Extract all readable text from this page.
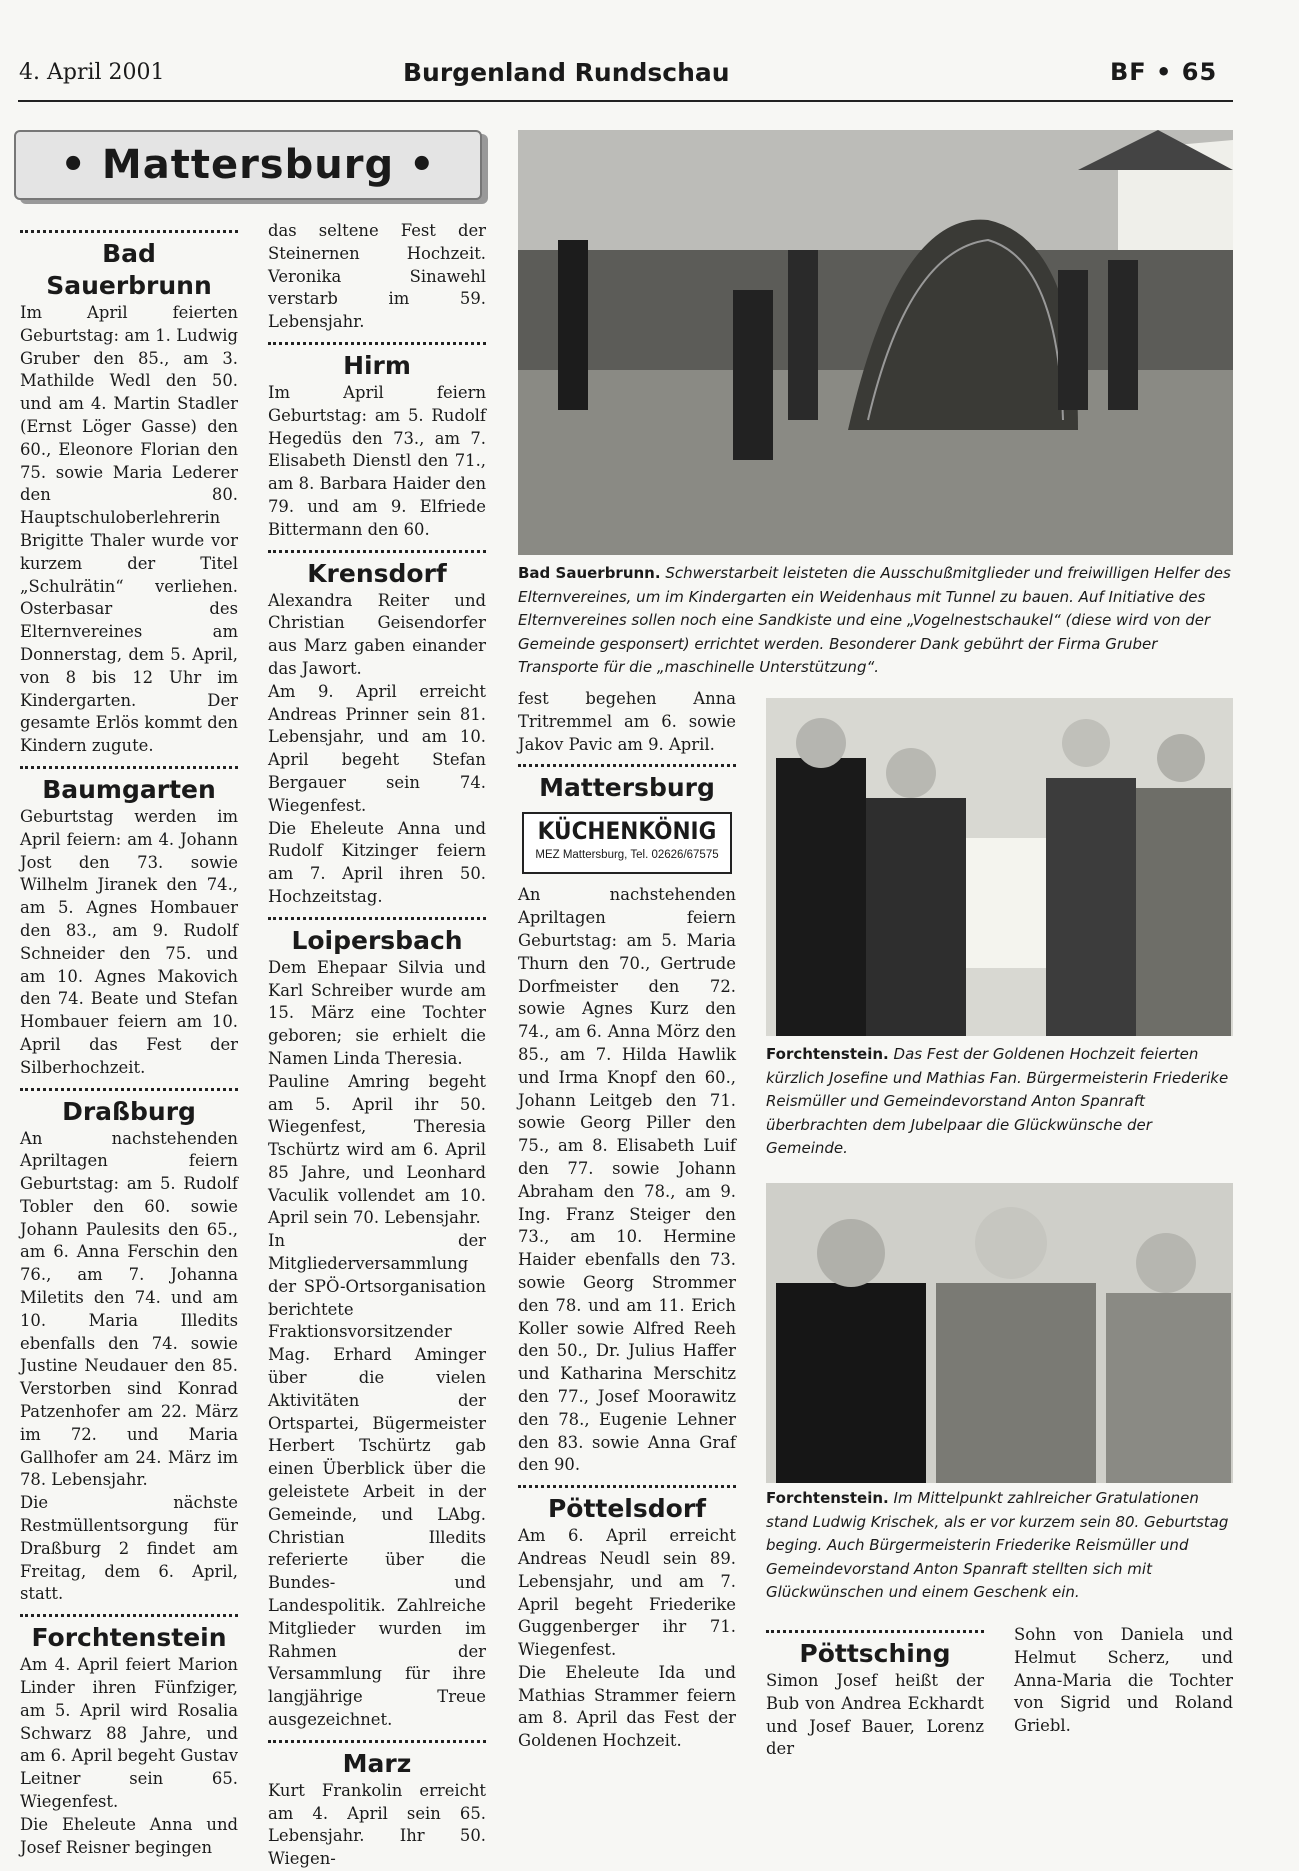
4. April 2001	Burgenland Rundschau	BF • 65
• Mattersburg •
Bad Sauerbrunn

Im April feierten Geburtstag: am 1. Ludwig Gruber den 85., am 3. Mathilde Wedl den 50. und am 4. Martin Stadler (Ernst Löger Gasse) den 60., Eleonore Florian den 75. sowie Maria Lederer den 80. Hauptschuloberlehrerin Brigitte Thaler wurde vor kurzem der Titel „Schulrätin“ verliehen. Osterbasar des Elternvereines am Donnerstag, dem 5. April, von 8 bis 12 Uhr im Kindergarten. Der gesamte Erlös kommt den Kindern zugute.

Baumgarten

Geburtstag werden im April feiern: am 4. Johann Jost den 73. sowie Wilhelm Jiranek den 74., am 5. Agnes Hombauer den 83., am 9. Rudolf Schneider den 75. und am 10. Agnes Makovich den 74. Beate und Stefan Hombauer feiern am 10. April das Fest der Silberhochzeit.

Draßburg

An nachstehenden Apriltagen feiern Geburtstag: am 5. Rudolf Tobler den 60. sowie Johann Paulesits den 65., am 6. Anna Ferschin den 76., am 7. Johanna Miletits den 74. und am 10. Maria Illedits ebenfalls den 74. sowie Justine Neudauer den 85. Verstorben sind Konrad Patzenhofer am 22. März im 72. und Maria Gallhofer am 24. März im 78. Lebensjahr.

Die nächste Restmüllentsorgung für Draßburg 2 findet am Freitag, dem 6. April, statt.

Forchtenstein

Am 4. April feiert Marion Linder ihren Fünfziger, am 5. April wird Rosalia Schwarz 88 Jahre, und am 6. April begeht Gustav Leitner sein 65. Wiegenfest.

Die Eheleute Anna und Josef Reisner begingen

das seltene Fest der Steinernen Hochzeit. Veronika Sinawehl verstarb im 59. Lebensjahr.

Hirm

Im April feiern Geburtstag: am 5. Rudolf Hegedüs den 73., am 7. Elisabeth Dienstl den 71., am 8. Barbara Haider den 79. und am 9. Elfriede Bittermann den 60.

Krensdorf

Alexandra Reiter und Christian Geisendorfer aus Marz gaben einander das Jawort.

Am 9. April erreicht Andreas Prinner sein 81. Lebensjahr, und am 10. April begeht Stefan Bergauer sein 74. Wiegenfest.

Die Eheleute Anna und Rudolf Kitzinger feiern am 7. April ihren 50. Hochzeitstag.

Loipersbach

Dem Ehepaar Silvia und Karl Schreiber wurde am 15. März eine Tochter geboren; sie erhielt die Namen Linda Theresia.

Pauline Amring begeht am 5. April ihr 50. Wiegenfest, Theresia Tschürtz wird am 6. April 85 Jahre, und Leonhard Vaculik vollendet am 10. April sein 70. Lebensjahr.

In der Mitgliederversammlung der SPÖ-Ortsorganisation berichtete Fraktionsvorsitzender Mag. Erhard Aminger über die vielen Aktivitäten der Ortspartei, Bügermeister Herbert Tschürtz gab einen Überblick über die geleistete Arbeit in der Gemeinde, und LAbg. Christian Illedits referierte über die Bundes- und Landespolitik. Zahlreiche Mitglieder wurden im Rahmen der Versammlung für ihre langjährige Treue ausgezeichnet.

Marz

Kurt Frankolin erreicht am 4. April sein 65. Lebensjahr. Ihr 50. Wiegen-

Bad Sauerbrunn. Schwerstarbeit leisteten die Ausschußmitglieder und freiwilligen Helfer des Elternvereines, um im Kindergarten ein Weidenhaus mit Tunnel zu bauen. Auf Initiative des Elternvereines sollen noch eine Sandkiste und eine „Vogelnestschaukel“ (diese wird von der Gemeinde gesponsert) errichtet werden. Besonderer Dank gebührt der Firma Gruber Transporte für die „maschinelle Unterstützung“.

fest begehen Anna Tritremmel am 6. sowie Jakov Pavic am 9. April.

Mattersburg
KÜCHENKÖNIG
MEZ Mattersburg, Tel. 02626/67575

An nachstehenden Apriltagen feiern Geburtstag: am 5. Maria Thurn den 70., Gertrude Dorfmeister den 72. sowie Agnes Kurz den 74., am 6. Anna Mörz den 85., am 7. Hilda Hawlik und Irma Knopf den 60., Johann Leitgeb den 71. sowie Georg Piller den 75., am 8. Elisabeth Luif den 77. sowie Johann Abraham den 78., am 9. Ing. Franz Steiger den 73., am 10. Hermine Haider ebenfalls den 73. sowie Georg Strommer den 78. und am 11. Erich Koller sowie Alfred Reeh den 50., Dr. Julius Haffer und Katharina Merschitz den 77., Josef Moorawitz den 78., Eugenie Lehner den 83. sowie Anna Graf den 90.

Pöttelsdorf

Am 6. April erreicht Andreas Neudl sein 89. Lebensjahr, und am 7. April begeht Friederike Guggenberger ihr 71. Wiegenfest.

Die Eheleute Ida und Mathias Strammer feiern am 8. April das Fest der Goldenen Hochzeit.

Forchtenstein. Das Fest der Goldenen Hochzeit feierten kürzlich Josefine und Mathias Fan. Bürgermeisterin Friederike Reismüller und Gemeindevorstand Anton Spanraft überbrachten dem Jubelpaar die Glückwünsche der Gemeinde.
Forchtenstein. Im Mittelpunkt zahlreicher Gratulationen stand Ludwig Krischek, als er vor kurzem sein 80. Geburtstag beging. Auch Bürgermeisterin Friederike Reismüller und Gemeindevorstand Anton Spanraft stellten sich mit Glückwünschen und einem Geschenk ein.
Pöttsching

Simon Josef heißt der Bub von Andrea Eckhardt und Josef Bauer, Lorenz der

Sohn von Daniela und Helmut Scherz, und Anna-Maria die Tochter von Sigrid und Roland Griebl.
